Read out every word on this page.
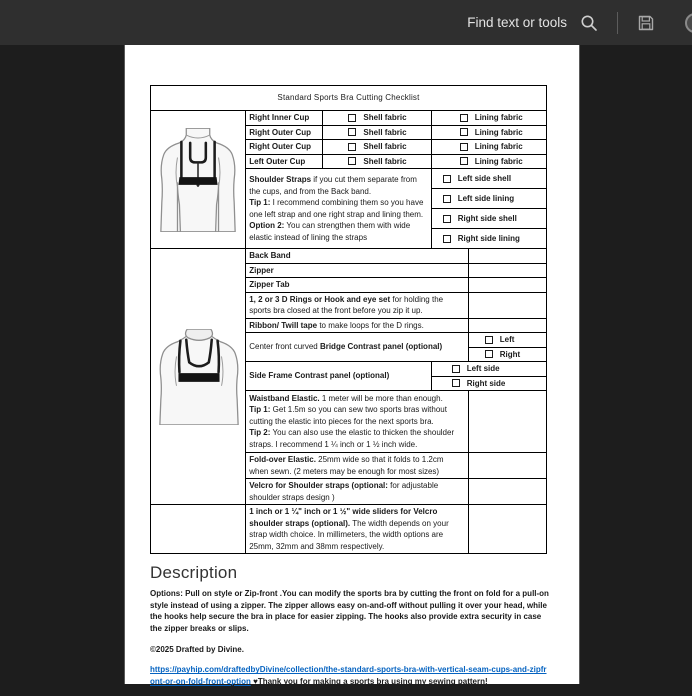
Find text or tools
Standard Sports Bra Cutting Checklist				

	Right Inner Cup	Shell fabric	Lining fabric	

	Right Outer Cup	Shell fabric	Lining fabric	

	Right Outer Cup	Shell fabric	Lining fabric	

	Left Outer Cup	Shell fabric	Lining fabric	

	Shoulder Straps if you cut them separate from the cups, and from the Back band.
Tip 1: I recommend combining them so you have one left strap and one right strap and lining them.
Option 2: You can strengthen them with wide elastic instead of lining the straps		Left side shell	

			Left side lining	

			Right side shell	

			Right side lining	

	Back Band			
	Zipper			
	Zipper Tab			
	1, 2 or 3 D Rings or Hook and eye set for holding the sports bra closed at the front before you zip it up.			
	Ribbon/ Twill tape to make loops for the D rings.			
	Center front curved Bridge Contrast panel (optional)			Left

				Right

	Side Frame Contrast panel (optional)		Left side	

			Right side	

	Waistband Elastic. 1 meter will be more than enough.
Tip 1: Get 1.5m so you can sew two sports bras without cutting the elastic into pieces for the next sports bra.
Tip 2: You can also use the elastic to thicken the shoulder straps. I recommend 1 ¼ inch or 1 ½ inch wide.			
	Fold-over Elastic. 25mm wide so that it folds to 1.2cm when sewn. (2 meters may be enough for most sizes)			
	Velcro for Shoulder straps (optional: for adjustable shoulder straps design )			
	1 inch or 1 ¼" inch or 1 ½" wide sliders for Velcro shoulder straps (optional). The width depends on your strap width choice. In millimeters, the width options are 25mm, 32mm and 38mm respectively.			
Description

Options: Pull on style or Zip-front .You can modify the sports bra by cutting the front on fold for a pull-on style instead of using a zipper. The zipper allows easy on-and-off without pulling it over your head, while the hooks help secure the bra in place for easier zipping. The hooks also provide extra security in case the zipper breaks or slips.

©2025 Drafted by Divine.

https://payhip.com/draftedbyDivine/collection/the-standard-sports-bra-with-vertical-seam-cups-and-zipfront-or-on-fold-front-option ♥Thank you for making a sports bra using my sewing pattern!
